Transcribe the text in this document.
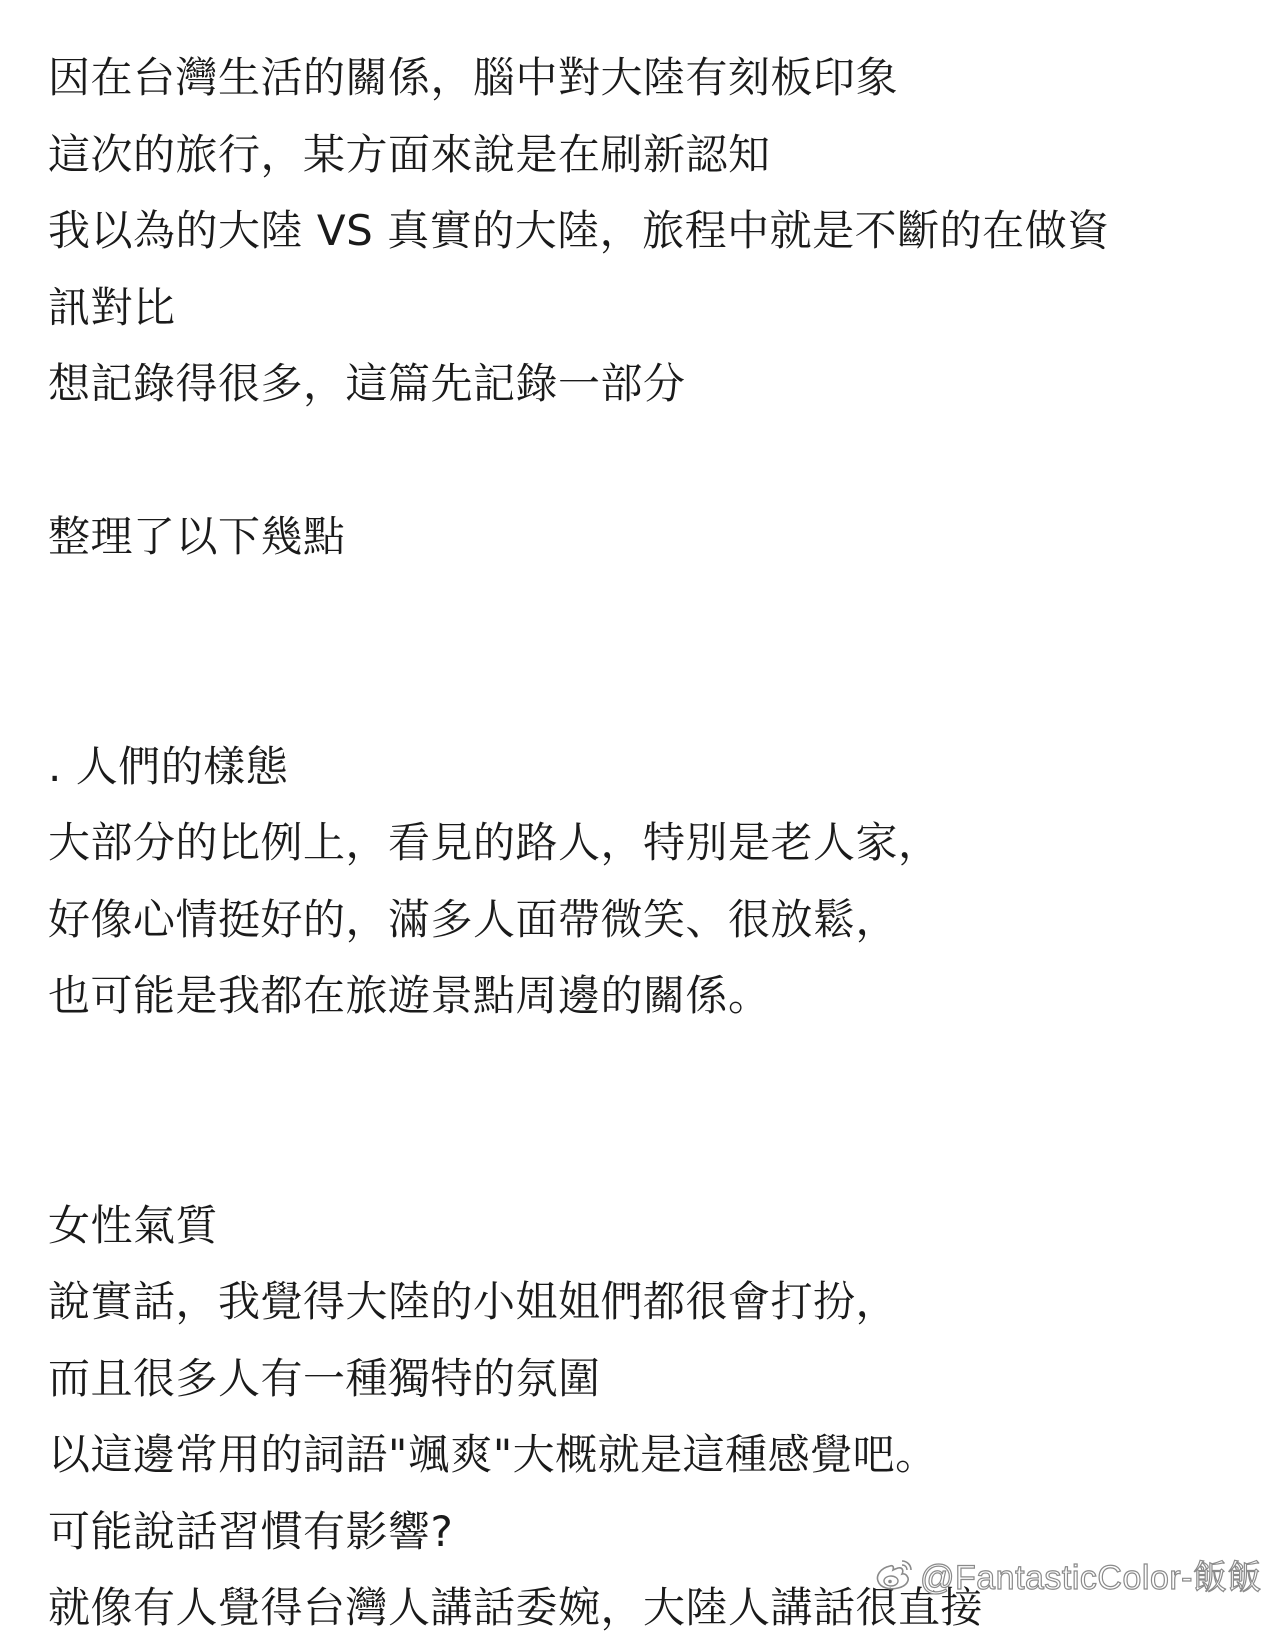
因在台灣生活的關係，腦中對大陸有刻板印象
這次的旅行，某方面來說是在刷新認知
我以為的大陸 VS 真實的大陸，旅程中就是不斷的在做資
訊對比
想記錄得很多，這篇先記錄一部分
整理了以下幾點
. 人們的樣態
大部分的比例上，看見的路人，特別是老人家，
好像心情挺好的，滿多人面帶微笑、很放鬆，
也可能是我都在旅遊景點周邊的關係。
女性氣質
說實話，我覺得大陸的小姐姐們都很會打扮，
而且很多人有一種獨特的氛圍
以這邊常用的詞語"颯爽"大概就是這種感覺吧。
可能說話習慣有影響?
就像有人覺得台灣人講話委婉，大陸人講話很直接
@FantasticColor-飯飯
